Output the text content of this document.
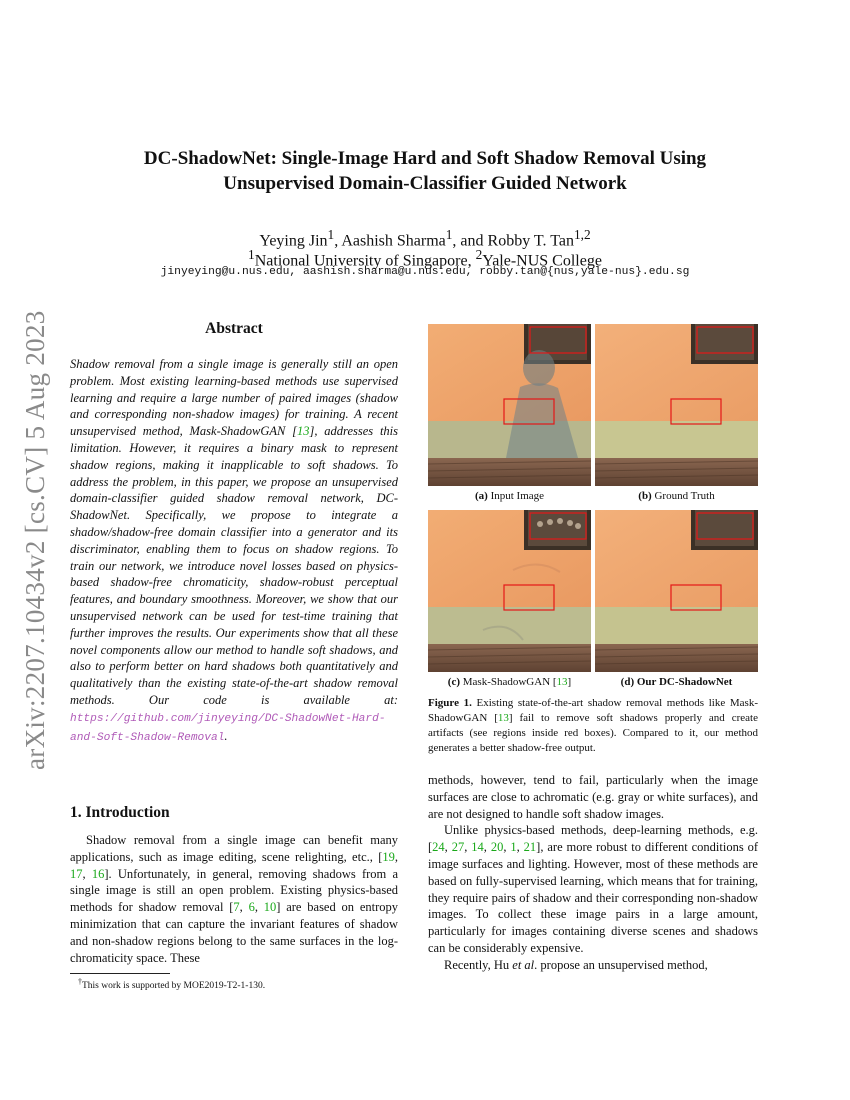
arXiv:2207.10434v2 [cs.CV] 5 Aug 2023
DC-ShadowNet: Single-Image Hard and Soft Shadow Removal Using
Unsupervised Domain-Classifier Guided Network
Yeying Jin$^1$, Aashish Sharma$^1$, and Robby T. Tan$^{1,2}$
$^1$National University of Singapore, $^2$Yale-NUS College
jinyeying@u.nus.edu, aashish.sharma@u.nus.edu, robby.tan@{nus,yale-nus}.edu.sg
Abstract
Shadow removal from a single image is generally still an open problem. Most existing learning-based methods use supervised learning and require a large number of paired images (shadow and corresponding non-shadow images) for training. A recent unsupervised method, Mask-ShadowGAN [13], addresses this limitation. However, it requires a binary mask to represent shadow regions, making it inapplicable to soft shadows. To address the problem, in this paper, we propose an unsupervised domain-classifier guided shadow removal network, DC-ShadowNet. Specifically, we propose to integrate a shadow/shadow-free domain classifier into a generator and its discriminator, enabling them to focus on shadow regions. To train our network, we introduce novel losses based on physics-based shadow-free chromaticity, shadow-robust perceptual features, and boundary smoothness. Moreover, we show that our unsupervised network can be used for test-time training that further improves the results. Our experiments show that all these novel components allow our method to handle soft shadows, and also to perform better on hard shadows both quantitatively and qualitatively than the existing state-of-the-art shadow removal methods. Our code is available at: https://github.com/jinyeying/DC-ShadowNet-Hard-and-Soft-Shadow-Removal.
1. Introduction
Shadow removal from a single image can benefit many applications, such as image editing, scene relighting, etc., [19, 17, 16]. Unfortunately, in general, removing shadows from a single image is still an open problem. Existing physics-based methods for shadow removal [7, 6, 10] are based on entropy minimization that can capture the invariant features of shadow and non-shadow regions belong to the same surfaces in the log-chromaticity space. These
†This work is supported by MOE2019-T2-1-130.
(a) Input Image	(b) Ground Truth
(c) Mask-ShadowGAN [13]	(d) Our DC-ShadowNet
Figure 1. Existing state-of-the-art shadow removal methods like Mask-ShadowGAN [13] fail to remove soft shadows properly and create artifacts (see regions inside red boxes). Compared to it, our method generates a better shadow-free output.

methods, however, tend to fail, particularly when the image surfaces are close to achromatic (e.g. gray or white surfaces), and are not designed to handle soft shadow images.

Unlike physics-based methods, deep-learning methods, e.g. [24, 27, 14, 20, 1, 21], are more robust to different conditions of image surfaces and lighting. However, most of these methods are based on fully-supervised learning, which means that for training, they require pairs of shadow and their corresponding non-shadow images. To collect these image pairs in a large amount, particularly for images containing diverse scenes and shadows can be considerably expensive.

Recently, Hu et al. propose an unsupervised method,
